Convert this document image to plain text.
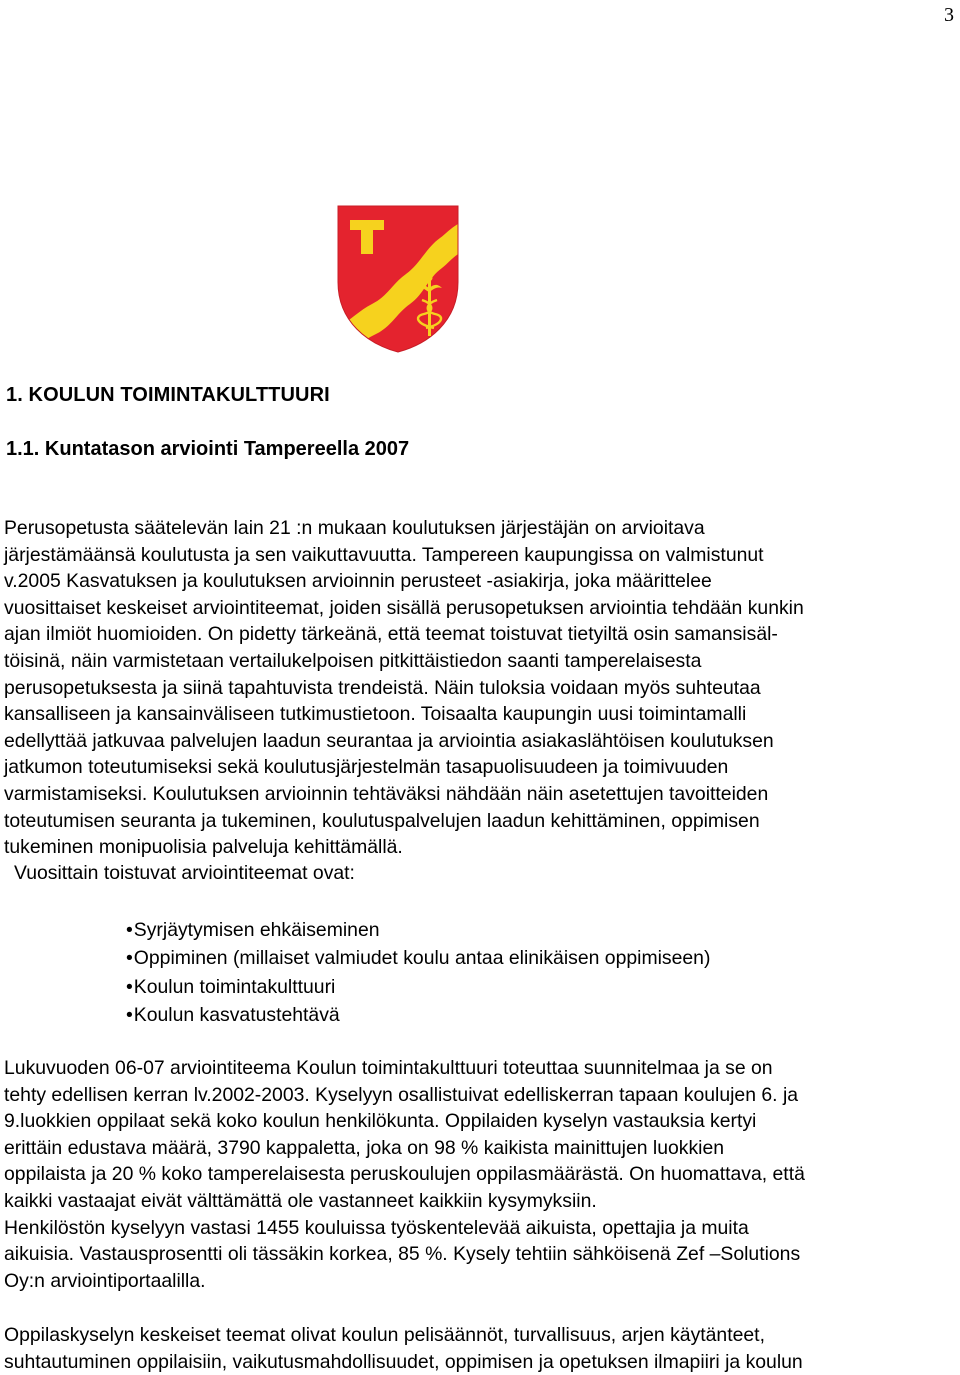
3
1. KOULUN TOIMINTAKULTTUURI
1.1. Kuntatason arviointi Tampereella 2007
Perusopetusta säätelevän lain 21 :n mukaan koulutuksen järjestäjän on arvioitava
järjestämäänsä koulutusta ja sen vaikuttavuutta. Tampereen kaupungissa on valmistunut
v.2005 Kasvatuksen ja koulutuksen arvioinnin perusteet -asiakirja, joka määrittelee
vuosittaiset keskeiset arviointiteemat, joiden sisällä perusopetuksen arviointia tehdään kunkin
ajan ilmiöt huomioiden. On pidetty tärkeänä, että teemat toistuvat tietyiltä osin samansisäl-
töisinä, näin varmistetaan vertailukelpoisen pitkittäistiedon saanti tamperelaisesta
perusopetuksesta ja siinä tapahtuvista trendeistä. Näin tuloksia voidaan myös suhteutaa
kansalliseen ja kansainväliseen tutkimustietoon. Toisaalta kaupungin uusi toimintamalli
edellyttää jatkuvaa palvelujen laadun seurantaa ja arviointia asiakaslähtöisen koulutuksen
jatkumon toteutumiseksi sekä koulutusjärjestelmän tasapuolisuudeen ja toimivuuden
varmistamiseksi. Koulutuksen arvioinnin tehtäväksi nähdään näin asetettujen tavoitteiden
toteutumisen seuranta ja tukeminen, koulutuspalvelujen laadun kehittäminen, oppimisen
tukeminen monipuolisia palveluja kehittämällä.
Vuosittain toistuvat arviointiteemat ovat:
• Syrjäytymisen ehkäiseminen
• Oppiminen (millaiset valmiudet koulu antaa elinikäisen oppimiseen)
• Koulun toimintakulttuuri
• Koulun kasvatustehtävä
Lukuvuoden 06-07 arviointiteema Koulun toimintakulttuuri toteuttaa suunnitelmaa ja se on
tehty edellisen kerran lv.2002-2003. Kyselyyn osallistuivat edelliskerran tapaan koulujen 6. ja
9.luokkien oppilaat sekä koko koulun henkilökunta. Oppilaiden kyselyn vastauksia kertyi
erittäin edustava määrä, 3790 kappaletta, joka on 98 % kaikista mainittujen luokkien
oppilaista ja 20 % koko tamperelaisesta peruskoulujen oppilasmäärästä. On huomattava, että
kaikki vastaajat eivät välttämättä ole vastanneet kaikkiin kysymyksiin.
Henkilöstön kyselyyn vastasi 1455 kouluissa työskentelevää aikuista, opettajia ja muita
aikuisia. Vastausprosentti oli tässäkin korkea, 85 %. Kysely tehtiin sähköisenä Zef –Solutions
Oy:n arviointiportaalilla.
Oppilaskyselyn keskeiset teemat olivat koulun pelisäännöt, turvallisuus, arjen käytänteet,
suhtautuminen oppilaisiin, vaikutusmahdollisuudet, oppimisen ja opetuksen ilmapiiri ja koulun
